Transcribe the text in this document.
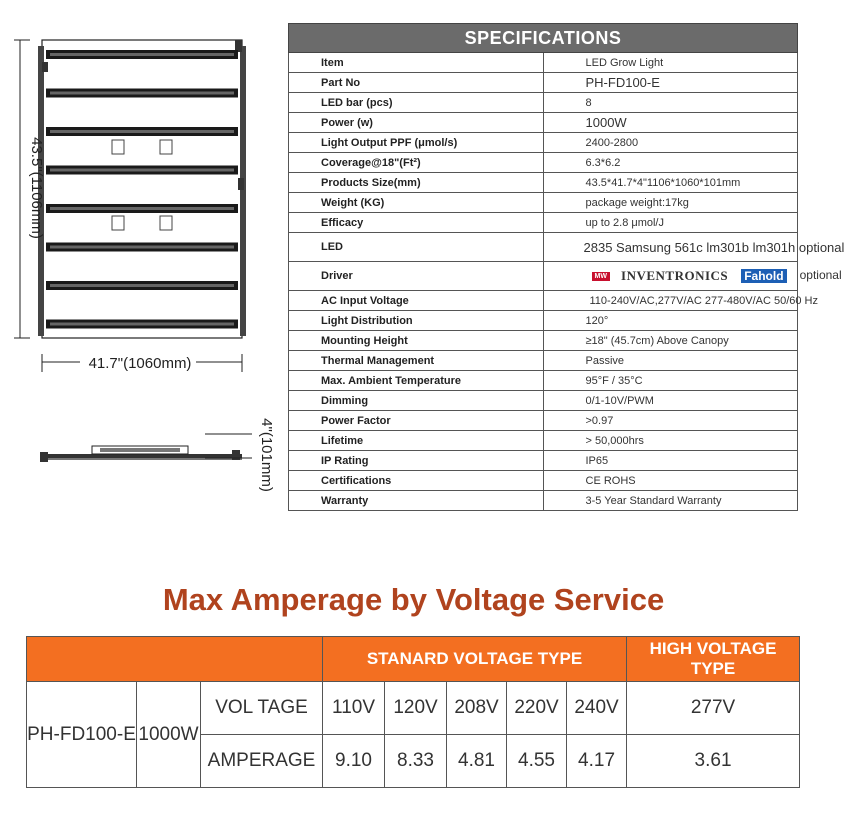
43.5"(1106mm)
41.7"(1060mm)
4"(101mm)
SPECIFICATIONS	
Item	LED Grow Light
Part No	PH-FD100-E
LED bar (pcs)	8
Power (w)	1000W
Light Output PPF (μmol/s)	2400-2800
Coverage@18"(Ft²)	6.3*6.2
Products Size(mm)	43.5*41.7*4"1106*1060*101mm
Weight (KG)	package weight:17kg
Efficacy	up to 2.8 μmol/J
LED	2835 Samsung 561c lm301b lm301h optional
Driver	MW INVENTRONICS Fahold optional
AC Input Voltage	110-240V/AC,277V/AC 277-480V/AC 50/60 Hz
Light Distribution	120°
Mounting Height	≥18" (45.7cm) Above Canopy
Thermal Management	Passive
Max. Ambient Temperature	95°F / 35°C
Dimming	0/1-10V/PWM
Power Factor	>0.97
Lifetime	> 50,000hrs
IP Rating	IP65
Certifications	CE ROHS
Warranty	3-5 Year Standard Warranty
Max Amperage by Voltage Service
			STANARD VOLTAGE TYPE					HIGH VOLTAGE TYPE
PH-FD100-E	1000W	VOL TAGE	110V	120V	208V	220V	240V	277V
		AMPERAGE	9.10	8.33	4.81	4.55	4.17	3.61
